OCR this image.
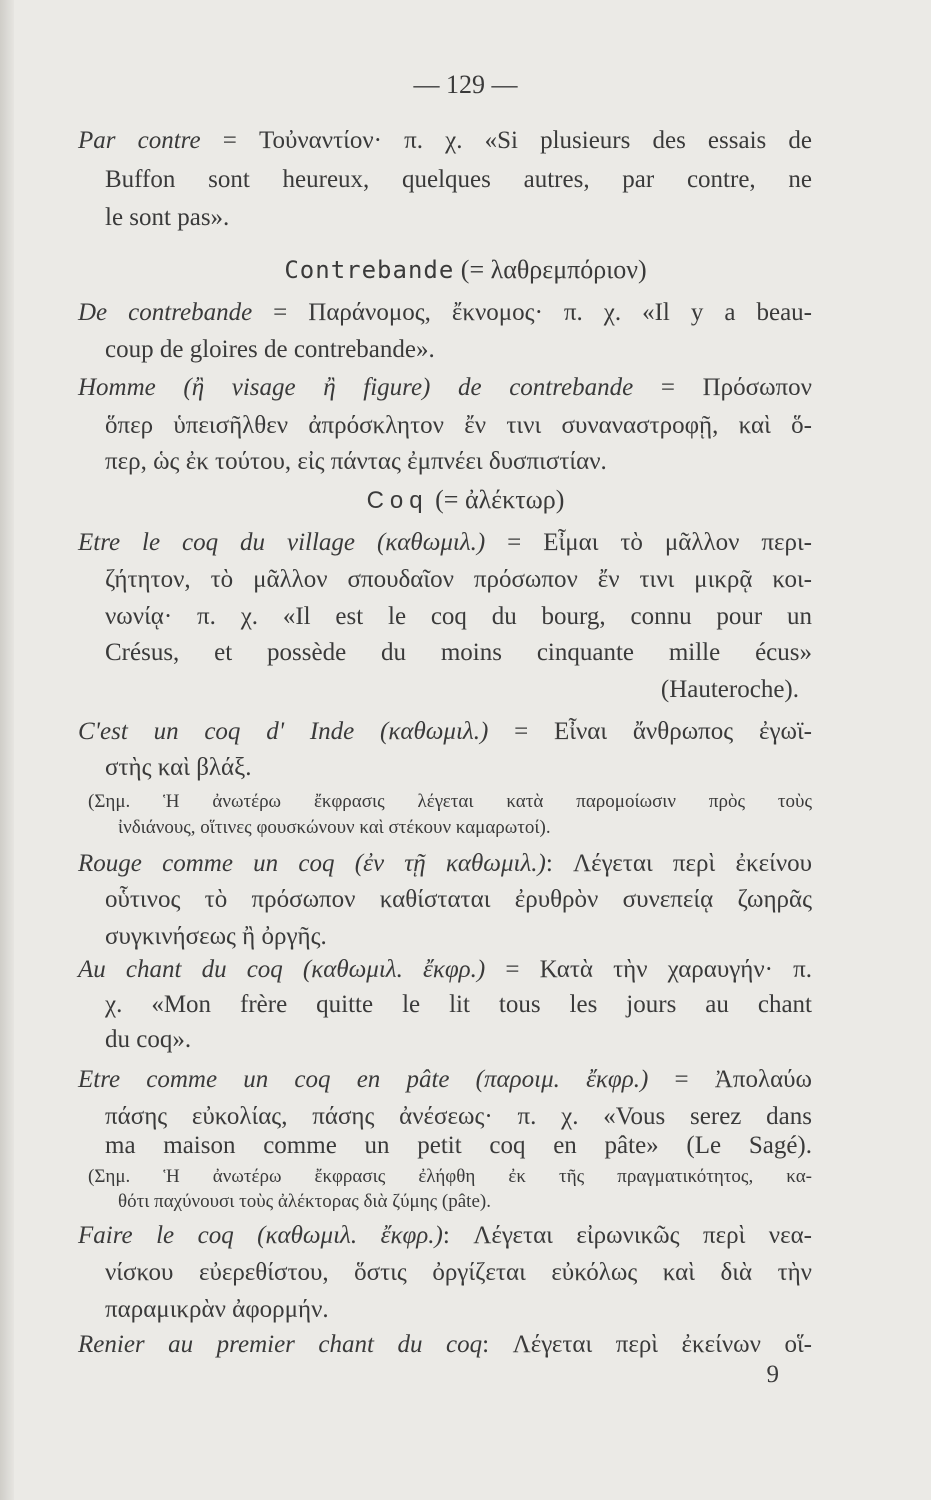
— 129 —
Par contre = Τοὐναντίον· π. χ. «Si plusieurs des essais de
Buffon sont heureux, quelques autres, par contre, ne
le sont pas».
Contrebande (= λαθρεμπόριον)
De contrebande = Παράνομος, ἔκνομος· π. χ. «Il y a beau-
coup de gloires de contrebande».
Homme (ἢ visage ἢ figure) de contrebande = Πρόσωπον
ὅπερ ὑπεισῆλθεν ἀπρόσκλητον ἔν τινι συναναστροφῇ, καὶ ὅ-
περ, ὡς ἐκ τούτου, εἰς πάντας ἐμπνέει δυσπιστίαν.
Coq (= ἀλέκτωρ)
Etre le coq du village (καθωμιλ.) = Εἶμαι τὸ μᾶλλον περι-
ζήτητον, τὸ μᾶλλον σπουδαῖον πρόσωπον ἔν τινι μικρᾷ κοι-
νωνίᾳ· π. χ. «Il est le coq du bourg, connu pour un
Crésus, et possède du moins cinquante mille écus»
(Hauteroche).
C'est un coq d' Inde (καθωμιλ.) = Εἶναι ἄνθρωπος ἐγωϊ-
στὴς καὶ βλάξ.
(Σημ. Ἡ ἀνωτέρω ἔκφρασις λέγεται κατὰ παρομοίωσιν πρὸς τοὺς
ἰνδιάνους, οἵτινες φουσκώνουν καὶ στέκουν καμαρωτοί).
Rouge comme un coq (ἐν τῇ καθωμιλ.): Λέγεται περὶ ἐκείνου
οὗτινος τὸ πρόσωπον καθίσταται ἐρυθρὸν συνεπείᾳ ζωηρᾶς
συγκινήσεως ἢ ὀργῆς.
Au chant du coq (καθωμιλ. ἔκφρ.) = Κατὰ τὴν χαραυγήν· π.
χ. «Mon frère quitte le lit tous les jours au chant
du coq».
Etre comme un coq en pâte (παροιμ. ἔκφρ.) = Ἀπολαύω
πάσης εὐκολίας, πάσης ἀνέσεως· π. χ. «Vous serez dans
ma maison comme un petit coq en pâte» (Le Sagé).
(Σημ. Ἡ ἀνωτέρω ἔκφρασις ἐλήφθη ἐκ τῆς πραγματικότητος, κα-
θότι παχύνουσι τοὺς ἀλέκτορας διὰ ζύμης (pâte).
Faire le coq (καθωμιλ. ἔκφρ.): Λέγεται εἰρωνικῶς περὶ νεα-
νίσκου εὐερεθίστου, ὅστις ὀργίζεται εὐκόλως καὶ διὰ τὴν
παραμικρὰν ἀφορμήν.
Renier au premier chant du coq: Λέγεται περὶ ἐκείνων οἵ-
9
